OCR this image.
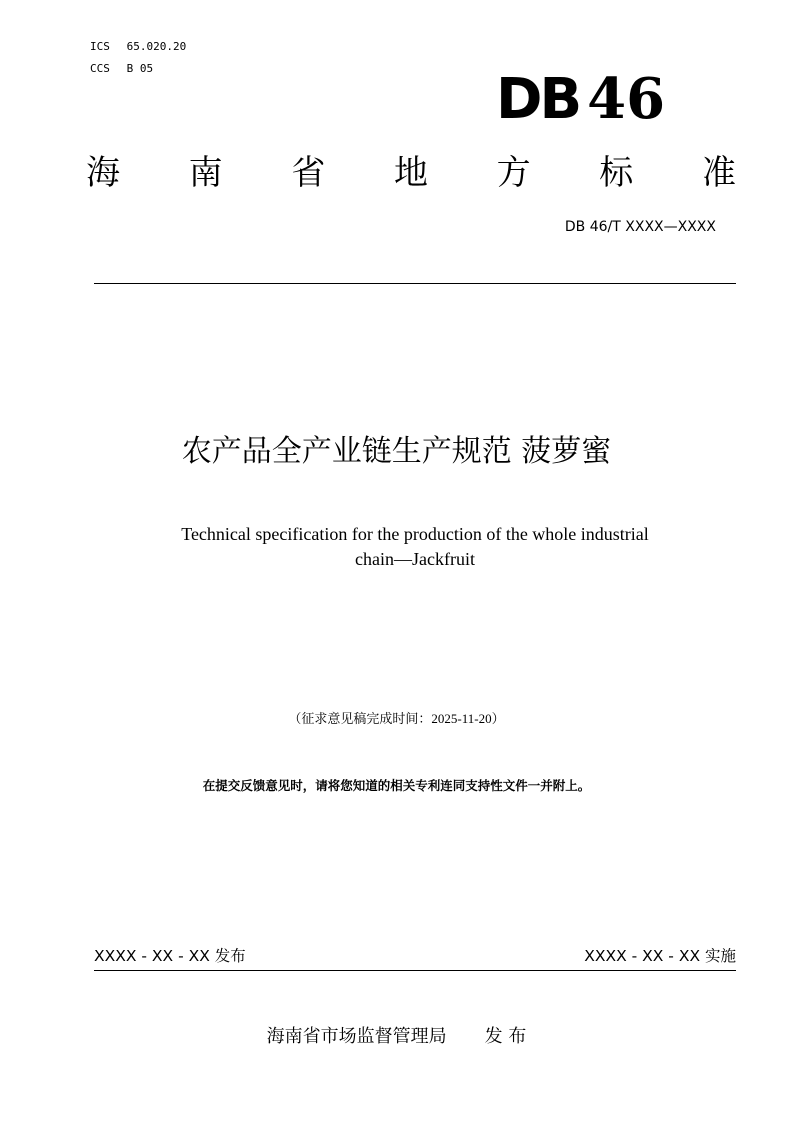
ICS 65.020.20
CCS B 05	DB 46
海 南 省 地 方 标 准
DB 46/T XXXX—XXXX
农产品全产业链生产规范 菠萝蜜
Technical specification for the production of the whole industrial
chain—Jackfruit
（征求意见稿完成时间：2025-11-20）
在提交反馈意见时，请将您知道的相关专利连同支持性文件一并附上。
XXXX - XX - XX 发布	XXXX - XX - XX 实施
海南省市场监督管理局 发 布
